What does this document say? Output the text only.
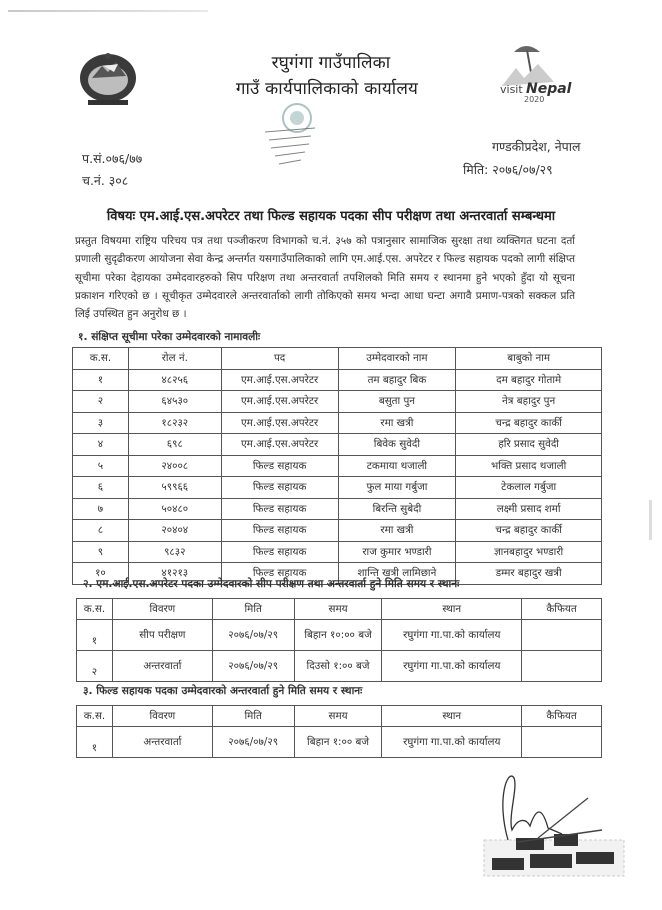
visit Nepal
2020
रघुगंगा गाउँपालिका
गाउँ कार्यपालिकाको कार्यालय
प.सं.०७६/७७
च.नं. ३०८
गण्डकीप्रदेश, नेपाल
मिति: २०७६/०७/२९
विषयः एम.आई.एस.अपरेटर तथा फिल्ड सहायक पदका सीप परीक्षण तथा अन्तरवार्ता सम्बन्धमा
प्रस्तुत विषयमा राष्ट्रिय परिचय पत्र तथा पञ्जीकरण विभागको च.नं. ३५७ को पत्रानुसार सामाजिक सुरक्षा तथा व्यक्तिगत घटना दर्ता प्रणाली सुदृढीकरण आयोजना सेवा केन्द्र अन्तर्गत यसगाउँपालिकाको लागि एम.आई.एस. अपरेटर र फिल्ड सहायक पदको लागी संक्षिप्त सूचीमा परेका देहायका उम्मेदवारहरुको सिप परिक्षण तथा अन्तरवार्ता तपशिलको मिति समय र स्थानमा हुने भएको हुँदा यो सूचना प्रकाशन गरिएको छ । सूचीकृत उम्मेदवारले अन्तरवार्ताको लागी तोकिएको समय भन्दा आधा घन्टा अगावै प्रमाण-पत्रको सक्कल प्रति लिई उपस्थित हुन अनुरोध छ ।
१. संक्षिप्त सूचीमा परेका उम्मेदवारको नामावलीः
क.स.	रोल नं.	पद	उम्मेदवारको नाम	बाबुको नाम
१	४८२५६	एम.आई.एस.अपरेटर	तम बहादुर बिक	दम बहादुर गोतामे
२	६४५३०	एम.आई.एस.अपरेटर	बसुता पुन	नेत्र बहादुर पुन
३	१८२३२	एम.आई.एस.अपरेटर	रमा खत्री	चन्द्र बहादुर कार्की
४	६९८	एम.आई.एस.अपरेटर	बिवेक सुवेदी	हरि प्रसाद सुवेदी
५	२४००८	फिल्ड सहायक	टकमाया थजाली	भक्ति प्रसाद थजाली
६	५९९६६	फिल्ड सहायक	फुल माया गर्बुजा	टेकलाल गर्बुजा
७	५०४८०	फिल्ड सहायक	बिरन्ति सुबेदी	लक्ष्मी प्रसाद शर्मा
८	२०४०४	फिल्ड सहायक	रमा खत्री	चन्द्र बहादुर कार्की
९	९८३२	फिल्ड सहायक	राज कुमार भण्डारी	ज्ञानबहादुर भण्डारी
१०	४१२१३	फिल्ड सहायक	शान्ति खत्री लामिछाने	डम्मर बहादुर खत्री
२. एम.आई.एस.अपरेटर पदका उम्मेदवारको सीप परीक्षण तथा अन्तरवार्ता हुने मिति समय र स्थानः
क.स.	विवरण	मिति	समय	स्थान	कैफियत
१	सीप परीक्षण	२०७६/०७/२९	बिहान १०:०० बजे	रघुगंगा गा.पा.को कार्यालय	
२	अन्तरवार्ता	२०७६/०७/२९	दिउसो १:०० बजे	रघुगंगा गा.पा.को कार्यालय	
३. फिल्ड सहायक पदका उम्मेदवारको अन्तरवार्ता हुने मिति समय र स्थानः
क.स.	विवरण	मिति	समय	स्थान	कैफियत
१	अन्तरवार्ता	२०७६/०७/२९	बिहान १:०० बजे	रघुगंगा गा.पा.को कार्यालय	
